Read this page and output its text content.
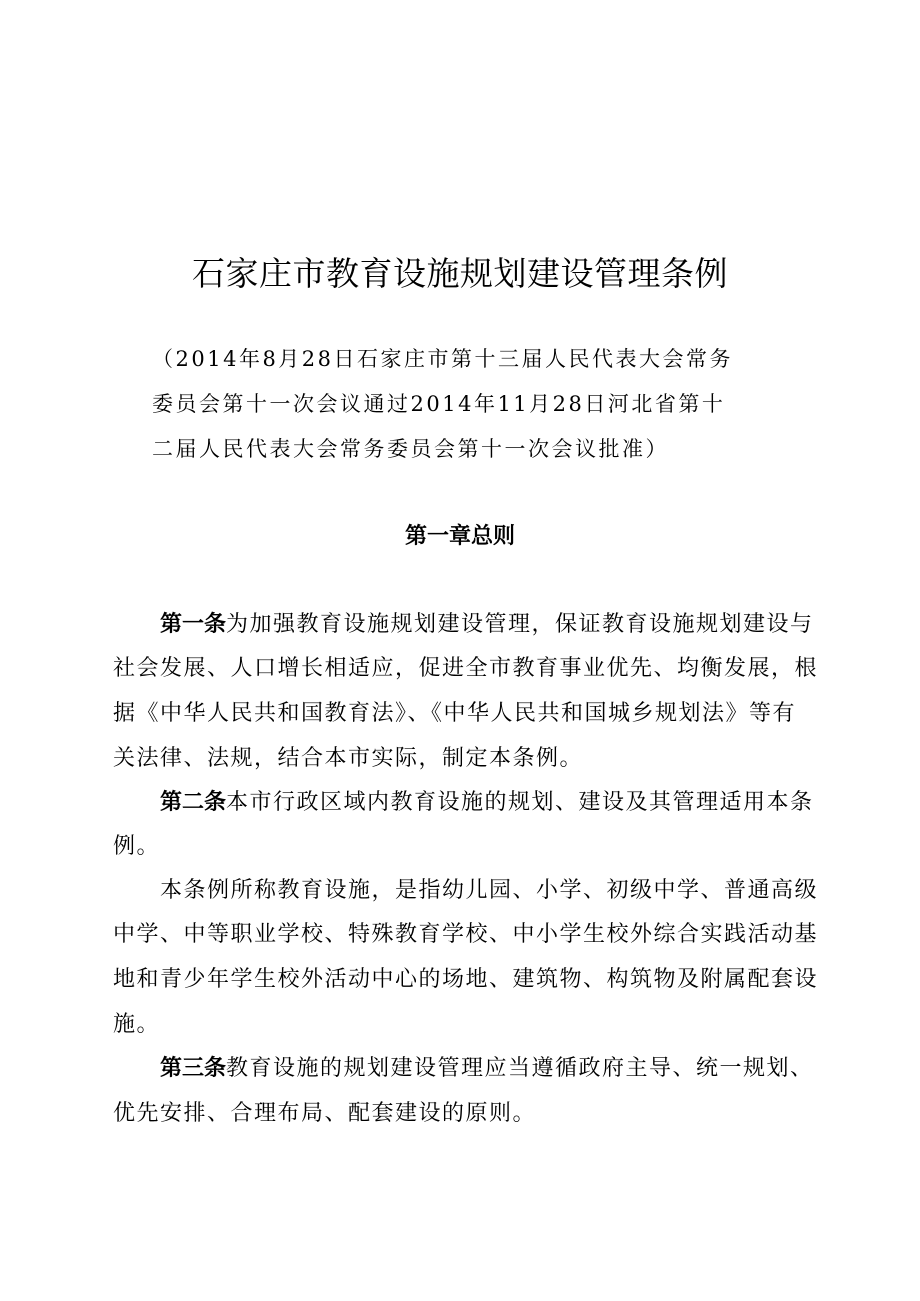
石家庄市教育设施规划建设管理条例
（2014年8月28日石家庄市第十三届人民代表大会常务
委员会第十一次会议通过2014年11月28日河北省第十
二届人民代表大会常务委员会第十一次会议批准）
第一章总则
第一条为加强教育设施规划建设管理，保证教育设施规划建设与
社会发展、人口增长相适应，促进全市教育事业优先、均衡发展，根
据《中华人民共和国教育法》、《中华人民共和国城乡规划法》等有
关法律、法规，结合本市实际，制定本条例。
第二条本市行政区域内教育设施的规划、建设及其管理适用本条
例。
本条例所称教育设施，是指幼儿园、小学、初级中学、普通高级
中学、中等职业学校、特殊教育学校、中小学生校外综合实践活动基
地和青少年学生校外活动中心的场地、建筑物、构筑物及附属配套设
施。
第三条教育设施的规划建设管理应当遵循政府主导、统一规划、
优先安排、合理布局、配套建设的原则。
